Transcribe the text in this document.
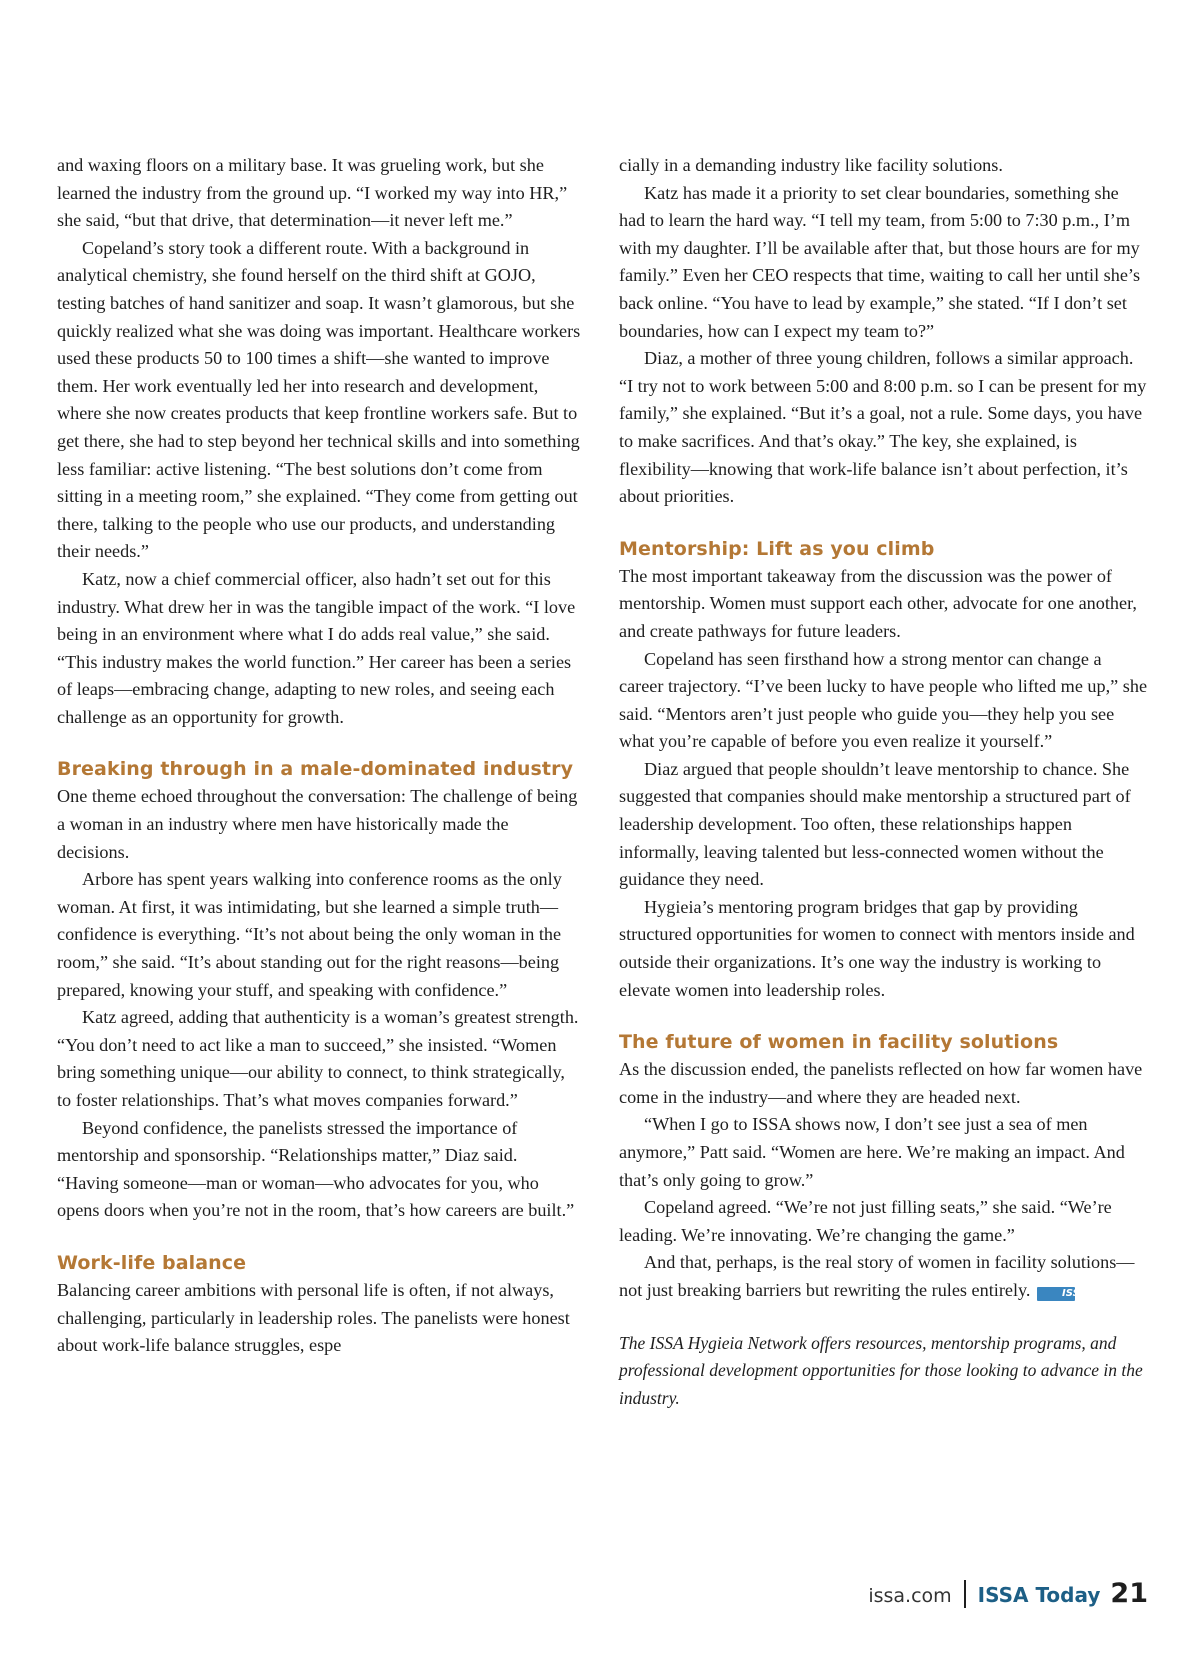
and waxing floors on a military base. It was grueling work, but she learned the industry from the ground up. “I worked my way into HR,” she said, “but that drive, that determination—it never left me.”

Copeland’s story took a different route. With a background in analytical chemistry, she found herself on the third shift at GOJO, testing batches of hand sanitizer and soap. It wasn’t glamorous, but she quickly realized what she was doing was important. Healthcare workers used these products 50 to 100 times a shift—she wanted to improve them. Her work eventually led her into research and development, where she now creates products that keep frontline workers safe. But to get there, she had to step beyond her technical skills and into something less familiar: active listening. “The best solutions don’t come from sitting in a meeting room,” she explained. “They come from getting out there, talking to the people who use our products, and understanding their needs.”

Katz, now a chief commercial officer, also hadn’t set out for this industry. What drew her in was the tangible impact of the work. “I love being in an environment where what I do adds real value,” she said. “This industry makes the world function.” Her career has been a series of leaps—embracing change, adapting to new roles, and seeing each challenge as an opportunity for growth.

Breaking through in a male-dominated industry

One theme echoed throughout the conversation: The challenge of being a woman in an industry where men have historically made the decisions.

Arbore has spent years walking into conference rooms as the only woman. At first, it was intimidating, but she learned a simple truth—confidence is everything. “It’s not about being the only woman in the room,” she said. “It’s about standing out for the right reasons—being prepared, knowing your stuff, and speaking with confidence.”

Katz agreed, adding that authenticity is a woman’s greatest strength. “You don’t need to act like a man to succeed,” she insisted. “Women bring something unique—our ability to connect, to think strategically, to foster relationships. That’s what moves companies forward.”

Beyond confidence, the panelists stressed the importance of mentorship and sponsorship. “Relationships matter,” Diaz said. “Having someone—man or woman—who advocates for you, who opens doors when you’re not in the room, that’s how careers are built.”

Work-life balance

Balancing career ambitions with personal life is often, if not always, challenging, particularly in leadership roles. The panelists were honest about work-life balance struggles, espe

cially in a demanding industry like facility solutions.

Katz has made it a priority to set clear boundaries, something she had to learn the hard way. “I tell my team, from 5:00 to 7:30 p.m., I’m with my daughter. I’ll be available after that, but those hours are for my family.” Even her CEO respects that time, waiting to call her until she’s back online. “You have to lead by example,” she stated. “If I don’t set boundaries, how can I expect my team to?”

Diaz, a mother of three young children, follows a similar approach. “I try not to work between 5:00 and 8:00 p.m. so I can be present for my family,” she explained. “But it’s a goal, not a rule. Some days, you have to make sacrifices. And that’s okay.” The key, she explained, is flexibility—knowing that work-life balance isn’t about perfection, it’s about priorities.

Mentorship: Lift as you climb

The most important takeaway from the discussion was the power of mentorship. Women must support each other, advocate for one another, and create pathways for future leaders.

Copeland has seen firsthand how a strong mentor can change a career trajectory. “I’ve been lucky to have people who lifted me up,” she said. “Mentors aren’t just people who guide you—they help you see what you’re capable of before you even realize it yourself.”

Diaz argued that people shouldn’t leave mentorship to chance. She suggested that companies should make mentorship a structured part of leadership development. Too often, these relationships happen informally, leaving talented but less-connected women without the guidance they need.

Hygieia’s mentoring program bridges that gap by providing structured opportunities for women to connect with mentors inside and outside their organizations. It’s one way the industry is working to elevate women into leadership roles.

The future of women in facility solutions

As the discussion ended, the panelists reflected on how far women have come in the industry—and where they are headed next.

“When I go to ISSA shows now, I don’t see just a sea of men anymore,” Patt said. “Women are here. We’re making an impact. And that’s only going to grow.”

Copeland agreed. “We’re not just filling seats,” she said. “We’re leading. We’re innovating. We’re changing the game.”

And that, perhaps, is the real story of women in facility solutions—not just breaking barriers but rewriting the rules entirely.	ISSA

The ISSA Hygieia Network offers resources, mentorship programs, and professional development opportunities for those looking to advance in the industry.

issa.com ISSA Today 21
